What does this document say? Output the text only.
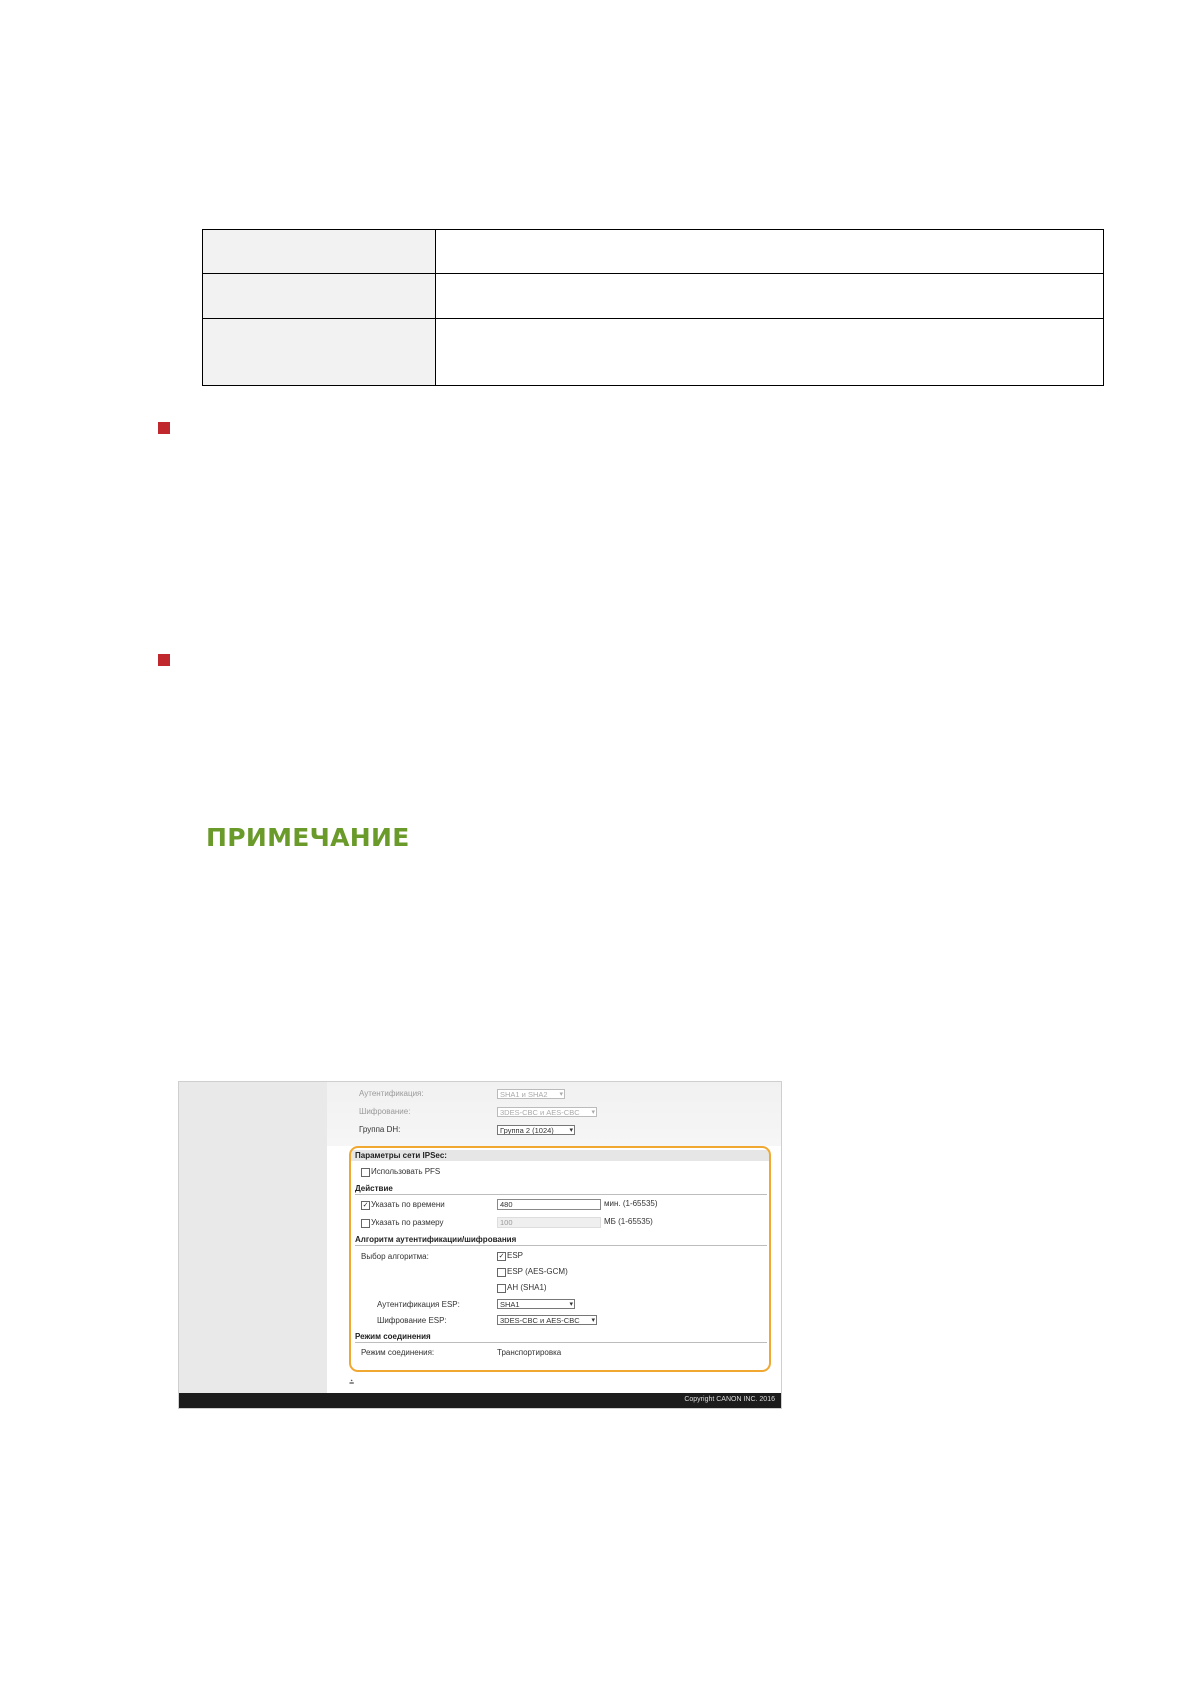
ПРИМЕЧАНИЕ
Аутентификация:	SHA1 и SHA2 ▾
Шифрование:	3DES-CBC и AES-CBC ▾
Группа DH:	Группа 2 (1024) ▾
Параметры сети IPSec:
Использовать PFS
Действие
✓ Указать по времени	480	мин. (1-65535)
Указать по размеру	100	МБ (1-65535)
Алгоритм аутентификации/шифрования
Выбор алгоритма:	✓ ESP
ESP (AES-GCM)
AH (SHA1)
Аутентификация ESP:	SHA1	▾
Шифрование ESP:	3DES-CBC и AES-CBC ▾
Режим соединения
Режим соединения:	Транспортировка
⩮
Copyright CANON INC. 2016
